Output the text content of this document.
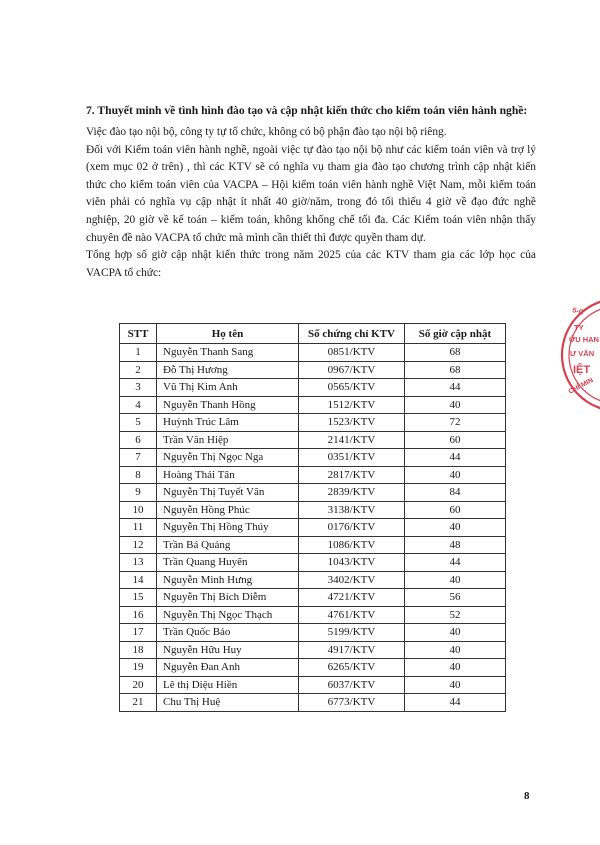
7. Thuyết minh về tình hình đào tạo và cập nhật kiến thức cho kiểm toán viên hành nghề:

Việc đào tạo nội bộ, công ty tự tổ chức, không có bộ phận đào tạo nội bộ riêng.

Đối với Kiểm toán viên hành nghề, ngoài việc tự đào tạo nội bộ như các kiểm toán viên và trợ lý (xem mục 02 ở trên) , thì các KTV sẽ có nghĩa vụ tham gia đào tạo chương trình cập nhật kiến thức cho kiểm toán viên của VACPA – Hội kiểm toán viên hành nghề Việt Nam, mỗi kiểm toán viên phải có nghĩa vụ cập nhật ít nhất 40 giờ/năm, trong đó tối thiểu 4 giờ về đạo đức nghề nghiệp, 20 giờ về kế toán – kiểm toán, không khống chế tối đa. Các Kiểm toán viên nhận thấy chuyên đề nào VACPA tổ chức mà mình cần thiết thì được quyền tham dự.

Tổng hợp số giờ cập nhật kiến thức trong năm 2025 của các KTV tham gia các lớp học của VACPA tổ chức:

STT	Họ tên	Số chứng chỉ KTV	Số giờ cập nhật
1	Nguyễn Thanh Sang	0851/KTV	68
2	Đỗ Thị Hương	0967/KTV	68
3	Vũ Thị Kim Anh	0565/KTV	44
4	Nguyễn Thanh Hồng	1512/KTV	40
5	Huỳnh Trúc Lâm	1523/KTV	72
6	Trần Văn Hiệp	2141/KTV	60
7	Nguyễn Thị Ngọc Nga	0351/KTV	44
8	Hoàng Thái Tân	2817/KTV	40
9	Nguyễn Thị Tuyết Vân	2839/KTV	84
10	Nguyễn Hồng Phúc	3138/KTV	60
11	Nguyễn Thị Hồng Thúy	0176/KTV	40
12	Trần Bá Quảng	1086/KTV	48
13	Trần Quang Huyên	1043/KTV	44
14	Nguyễn Minh Hưng	3402/KTV	40
15	Nguyễn Thị Bích Diễm	4721/KTV	56
16	Nguyễn Thị Ngọc Thạch	4761/KTV	52
17	Trần Quốc Bảo	5199/KTV	40
18	Nguyễn Hữu Huy	4917/KTV	40
19	Nguyễn Đan Anh	6265/KTV	40
20	Lê thị Diệu Hiền	6037/KTV	40
21	Chu Thị Huệ	6773/KTV	44
5-C
TY
ỨU HẠN
Ư VẤN
IỆT
CHÍ MIN
8
